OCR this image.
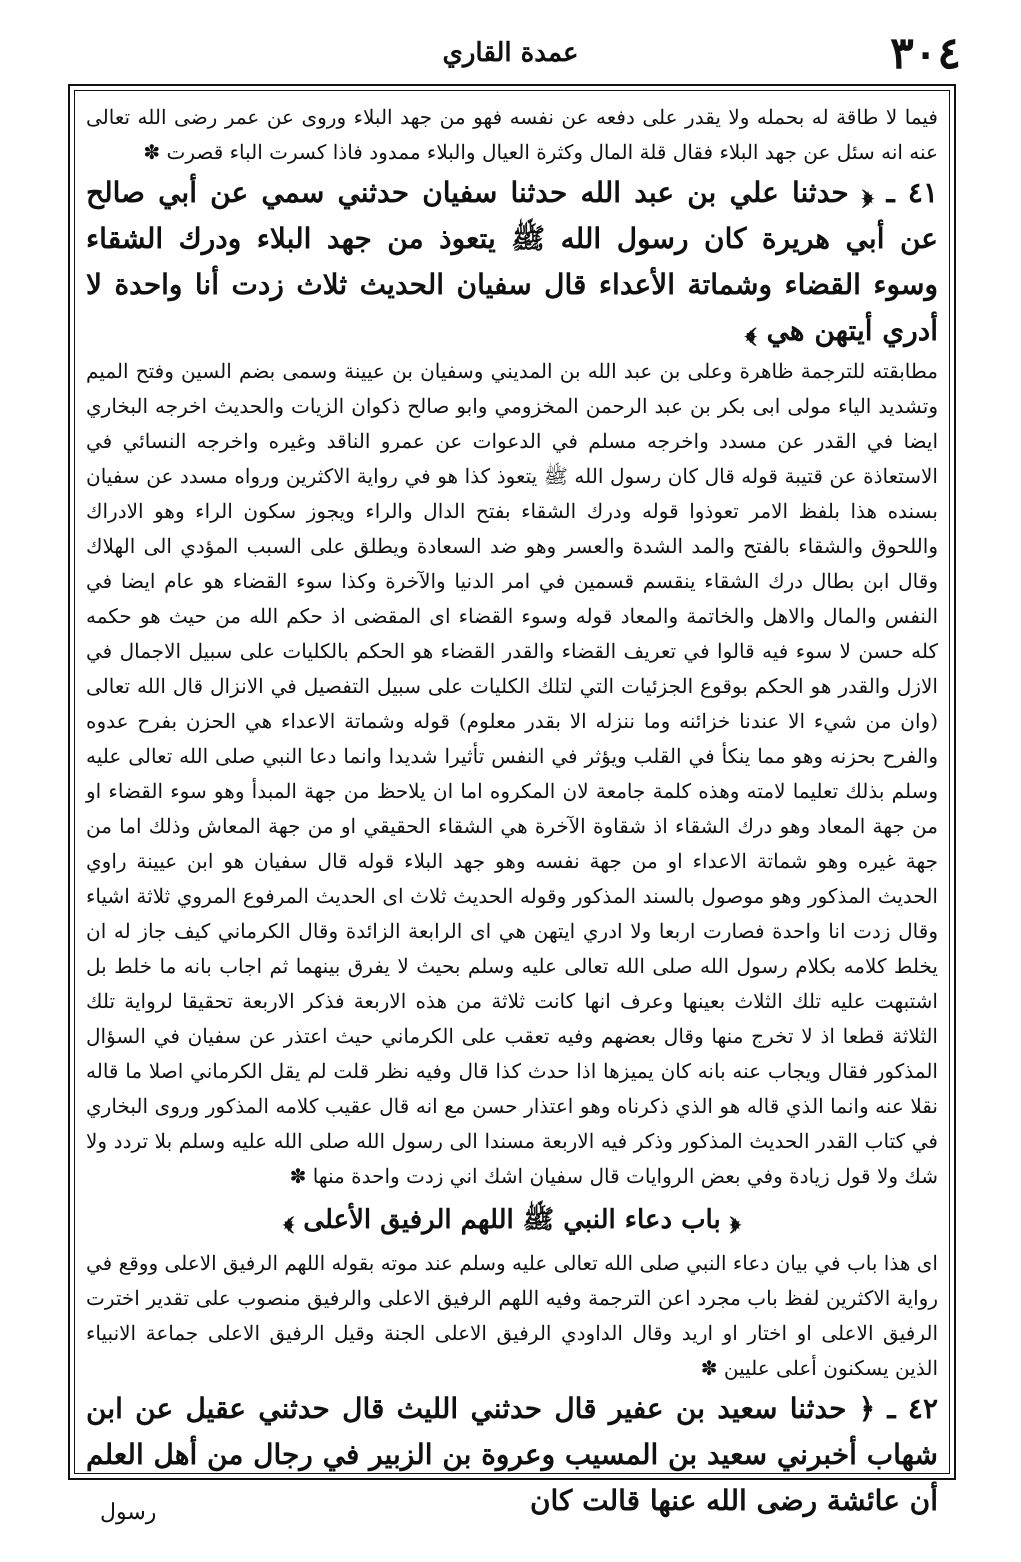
٣٠٤
عمدة القاري

فيما لا طاقة له بحمله ولا يقدر على دفعه عن نفسه فهو من جهد البلاء وروى عن عمر رضى الله تعالى عنه انه سئل عن جهد البلاء فقال قلة المال وكثرة العيال والبلاء ممدود فاذا كسرت الباء قصرت ✽

٤١ ـ ﴿ حدثنا علي بن عبد الله حدثنا سفيان حدثني سمي عن أبي صالح عن أبي هريرة كان رسول الله ﷺ يتعوذ من جهد البلاء ودرك الشقاء وسوء القضاء وشماتة الأعداء قال سفيان الحديث ثلاث زدت أنا واحدة لا أدري أيتهن هي ﴾

مطابقته للترجمة ظاهرة وعلى بن عبد الله بن المديني وسفيان بن عيينة وسمى بضم السين وفتح الميم وتشديد الياء مولى ابى بكر بن عبد الرحمن المخزومي وابو صالح ذكوان الزيات والحديث اخرجه البخاري ايضا في القدر عن مسدد واخرجه مسلم في الدعوات عن عمرو الناقد وغيره واخرجه النسائي في الاستعاذة عن قتيبة قوله قال كان رسول الله ﷺ يتعوذ كذا هو في رواية الاكثرين ورواه مسدد عن سفيان بسنده هذا بلفظ الامر تعوذوا قوله ودرك الشقاء بفتح الدال والراء ويجوز سكون الراء وهو الادراك واللحوق والشقاء بالفتح والمد الشدة والعسر وهو ضد السعادة ويطلق على السبب المؤدي الى الهلاك وقال ابن بطال درك الشقاء ينقسم قسمين في امر الدنيا والآخرة وكذا سوء القضاء هو عام ايضا في النفس والمال والاهل والخاتمة والمعاد قوله وسوء القضاء اى المقضى اذ حكم الله من حيث هو حكمه كله حسن لا سوء فيه قالوا في تعريف القضاء والقدر القضاء هو الحكم بالكليات على سبيل الاجمال في الازل والقدر هو الحكم بوقوع الجزئيات التي لتلك الكليات على سبيل التفصيل في الانزال قال الله تعالى (وان من شيء الا عندنا خزائنه وما ننزله الا بقدر معلوم) قوله وشماتة الاعداء هي الحزن بفرح عدوه والفرح بحزنه وهو مما ينكأ في القلب ويؤثر في النفس تأثيرا شديدا وانما دعا النبي صلى الله تعالى عليه وسلم بذلك تعليما لامته وهذه كلمة جامعة لان المكروه اما ان يلاحظ من جهة المبدأ وهو سوء القضاء او من جهة المعاد وهو درك الشقاء اذ شقاوة الآخرة هي الشقاء الحقيقي او من جهة المعاش وذلك اما من جهة غيره وهو شماتة الاعداء او من جهة نفسه وهو جهد البلاء قوله قال سفيان هو ابن عيينة راوي الحديث المذكور وهو موصول بالسند المذكور وقوله الحديث ثلاث اى الحديث المرفوع المروي ثلاثة اشياء وقال زدت انا واحدة فصارت اربعا ولا ادري ايتهن هي اى الرابعة الزائدة وقال الكرماني كيف جاز له ان يخلط كلامه بكلام رسول الله صلى الله تعالى عليه وسلم بحيث لا يفرق بينهما ثم اجاب بانه ما خلط بل اشتبهت عليه تلك الثلاث بعينها وعرف انها كانت ثلاثة من هذه الاربعة فذكر الاربعة تحقيقا لرواية تلك الثلاثة قطعا اذ لا تخرج منها وقال بعضهم وفيه تعقب على الكرماني حيث اعتذر عن سفيان في السؤال المذكور فقال ويجاب عنه بانه كان يميزها اذا حدث كذا قال وفيه نظر قلت لم يقل الكرماني اصلا ما قاله نقلا عنه وانما الذي قاله هو الذي ذكرناه وهو اعتذار حسن مع انه قال عقيب كلامه المذكور وروى البخاري في كتاب القدر الحديث المذكور وذكر فيه الاربعة مسندا الى رسول الله صلى الله عليه وسلم بلا تردد ولا شك ولا قول زيادة وفي بعض الروايات قال سفيان اشك اني زدت واحدة منها ✽

﴿ باب دعاء النبي ﷺ اللهم الرفيق الأعلى ﴾

اى هذا باب في بيان دعاء النبي صلى الله تعالى عليه وسلم عند موته بقوله اللهم الرفيق الاعلى ووقع في رواية الاكثرين لفظ باب مجرد اعن الترجمة وفيه اللهم الرفيق الاعلى والرفيق منصوب على تقدير اخترت الرفيق الاعلى او اختار او اريد وقال الداودي الرفيق الاعلى الجنة وقيل الرفيق الاعلى جماعة الانبياء الذين يسكنون أعلى عليين ✽

٤٢ ـ ﴿ حدثنا سعيد بن عفير قال حدثني الليث قال حدثني عقيل عن ابن شهاب أخبرني سعيد بن المسيب وعروة بن الزبير في رجال من أهل العلم أن عائشة رضى الله عنها قالت كان

رسول
